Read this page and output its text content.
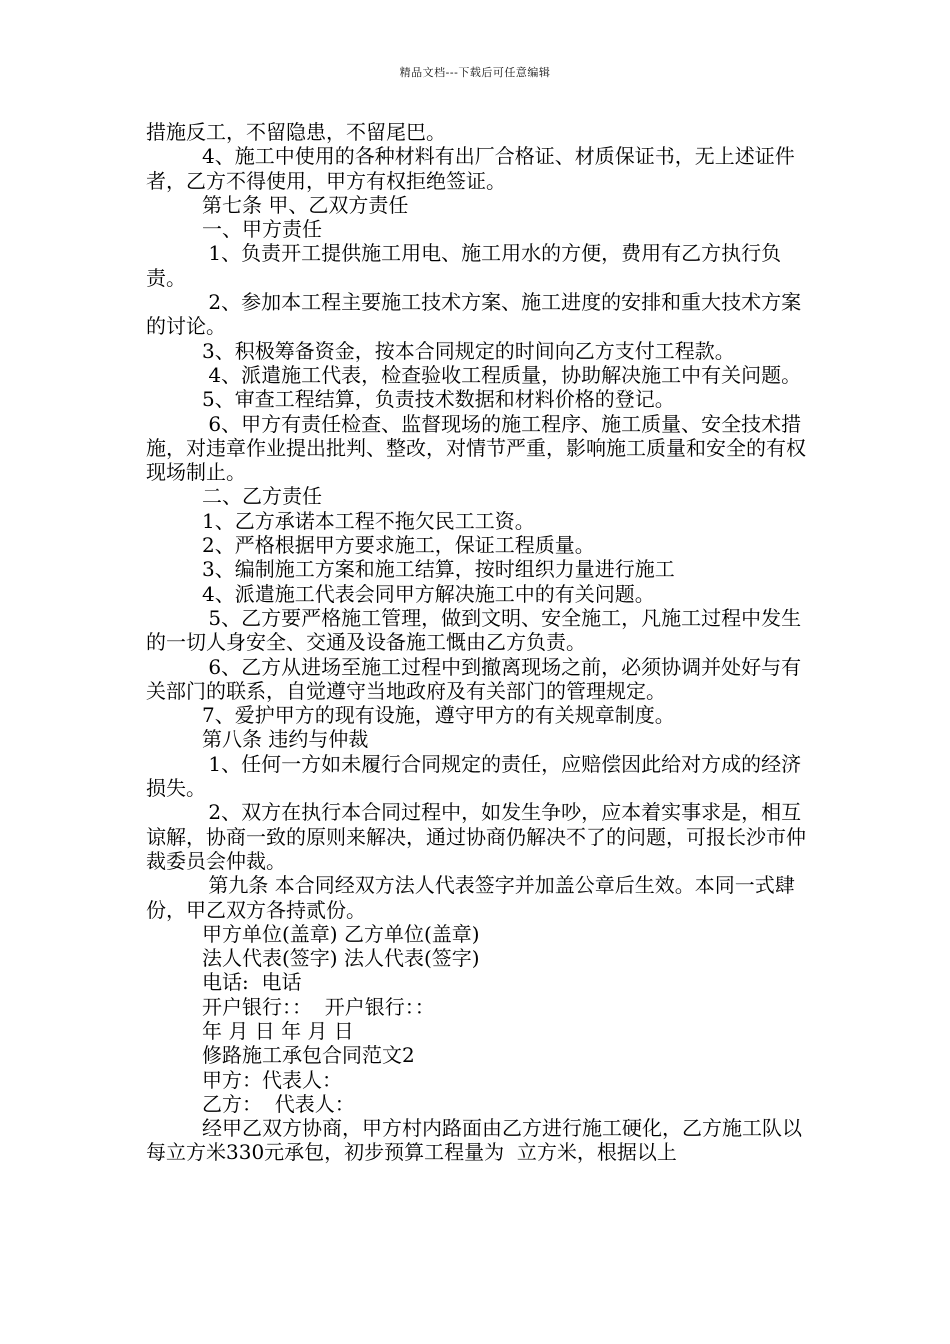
精品文档---下载后可任意编辑

措施反工，不留隐患，不留尾巴。

4、施工中使用的各种材料有出厂合格证、材质保证书，无上述证件者，乙方不得使用，甲方有权拒绝签证。

第七条 甲、乙双方责任

一、甲方责任

1、负责开工提供施工用电、施工用水的方便，费用有乙方执行负责。

2、参加本工程主要施工技术方案、施工进度的安排和重大技术方案的讨论。

3、积极筹备资金，按本合同规定的时间向乙方支付工程款。

4、派遣施工代表，检查验收工程质量，协助解决施工中有关问题。

5、审查工程结算，负责技术数据和材料价格的登记。

6、甲方有责任检查、监督现场的施工程序、施工质量、安全技术措施，对违章作业提出批判、整改，对情节严重，影响施工质量和安全的有权现场制止。

二、乙方责任

1、乙方承诺本工程不拖欠民工工资。

2、严格根据甲方要求施工，保证工程质量。

3、编制施工方案和施工结算，按时组织力量进行施工

4、派遣施工代表会同甲方解决施工中的有关问题。

5、乙方要严格施工管理，做到文明、安全施工，凡施工过程中发生的一切人身安全、交通及设备施工慨由乙方负责。

6、乙方从进场至施工过程中到撤离现场之前，必须协调并处好与有关部门的联系，自觉遵守当地政府及有关部门的管理规定。

7、爱护甲方的现有设施，遵守甲方的有关规章制度。

第八条 违约与仲裁

1、任何一方如未履行合同规定的责任，应赔偿因此给对方成的经济损失。

2、双方在执行本合同过程中，如发生争吵，应本着实事求是，相互谅解，协商一致的原则来解决，通过协商仍解决不了的问题，可报长沙市仲裁委员会仲裁。

第九条 本合同经双方法人代表签字并加盖公章后生效。本同一式肆份，甲乙双方各持贰份。

甲方单位(盖章) 乙方单位(盖章)

法人代表(签字) 法人代表(签字)

电话:  电话

开户银行：：  开户银行：：

年 月 日 年 月 日

修路施工承包合同范文2

甲方：代表人：

乙方：  代表人：

经甲乙双方协商，甲方村内路面由乙方进行施工硬化，乙方施工队以每立方米330元承包，初步预算工程量为  立方米，根据以上
